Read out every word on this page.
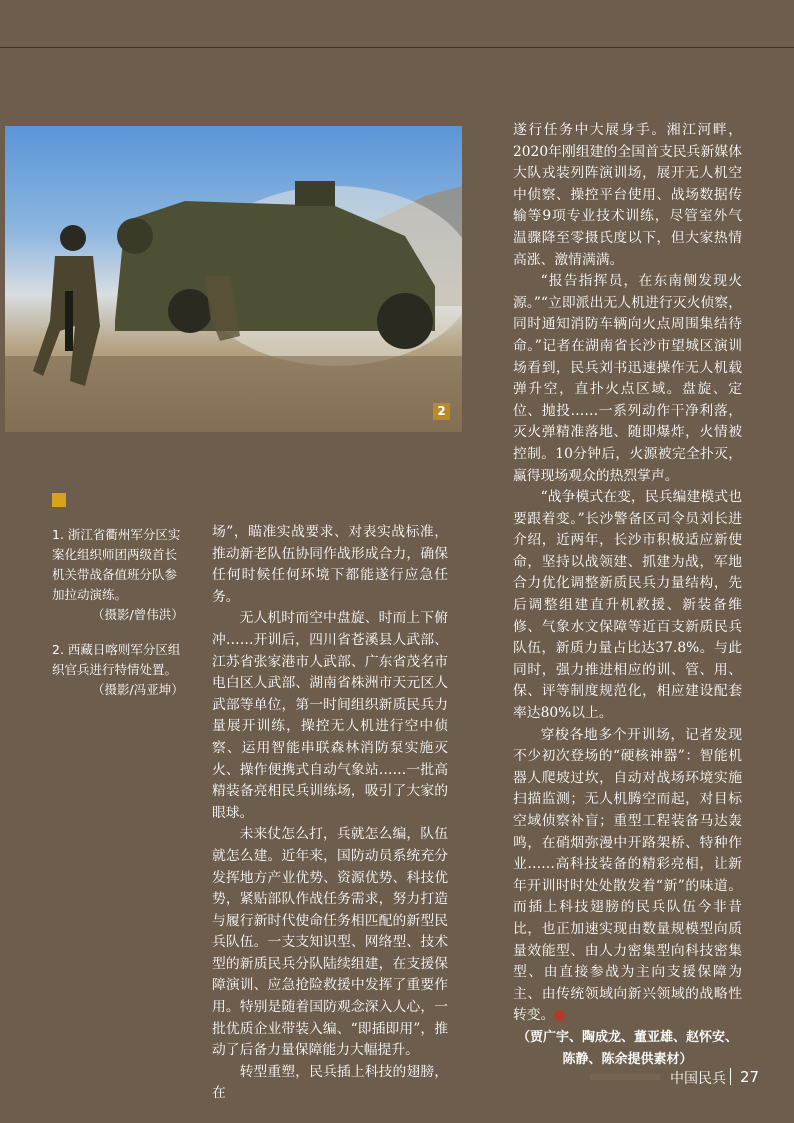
2
1. 浙江省衢州军分区实案化组织师团两级首长机关带战备值班分队参加拉动演练。
（摄影/曾伟洪）
2. 西藏日喀则军分区组织官兵进行特情处置。
（摄影/冯亚坤）

场”，瞄准实战要求、对表实战标准，推动新老队伍协同作战形成合力，确保任何时候任何环境下都能遂行应急任务。

无人机时而空中盘旋、时而上下俯冲……开训后，四川省苍溪县人武部、江苏省张家港市人武部、广东省茂名市电白区人武部、湖南省株洲市天元区人武部等单位，第一时间组织新质民兵力量展开训练，操控无人机进行空中侦察、运用智能串联森林消防泵实施灭火、操作便携式自动气象站……一批高精装备亮相民兵训练场，吸引了大家的眼球。

未来仗怎么打，兵就怎么编，队伍就怎么建。近年来，国防动员系统充分发挥地方产业优势、资源优势、科技优势，紧贴部队作战任务需求，努力打造与履行新时代使命任务相匹配的新型民兵队伍。一支支知识型、网络型、技术型的新质民兵分队陆续组建，在支援保障演训、应急抢险救援中发挥了重要作用。特别是随着国防观念深入人心，一批优质企业带装入编、“即插即用”，推动了后备力量保障能力大幅提升。

转型重塑，民兵插上科技的翅膀，在

遂行任务中大展身手。湘江河畔，2020年刚组建的全国首支民兵新媒体大队戎装列阵演训场，展开无人机空中侦察、操控平台使用、战场数据传输等9项专业技术训练，尽管室外气温骤降至零摄氏度以下，但大家热情高涨、激情满满。

“报告指挥员，在东南侧发现火源。”“立即派出无人机进行灭火侦察，同时通知消防车辆向火点周围集结待命。”记者在湖南省长沙市望城区演训场看到，民兵刘书迅速操作无人机载弹升空，直扑火点区域。盘旋、定位、抛投……一系列动作干净利落，灭火弹精准落地、随即爆炸，火情被控制。10分钟后，火源被完全扑灭，赢得现场观众的热烈掌声。

“战争模式在变，民兵编建模式也要跟着变。”长沙警备区司令员刘长进介绍，近两年，长沙市积极适应新使命，坚持以战领建、抓建为战，军地合力优化调整新质民兵力量结构，先后调整组建直升机救援、新装备维修、气象水文保障等近百支新质民兵队伍，新质力量占比达37.8%。与此同时，强力推进相应的训、管、用、保、评等制度规范化，相应建设配套率达80%以上。

穿梭各地多个开训场，记者发现不少初次登场的“硬核神器”：智能机器人爬坡过坎，自动对战场环境实施扫描监测；无人机腾空而起，对目标空域侦察补盲；重型工程装备马达轰鸣，在硝烟弥漫中开路架桥、特种作业……高科技装备的精彩亮相，让新年开训时时处处散发着“新”的味道。而插上科技翅膀的民兵队伍今非昔比，也正加速实现由数量规模型向质量效能型、由人力密集型向科技密集型、由直接参战为主向支援保障为主、由传统领域向新兴领域的战略性转变。

（贾广宇、陶成龙、董亚雄、赵怀安、陈静、陈余提供素材）

中国民兵 27
